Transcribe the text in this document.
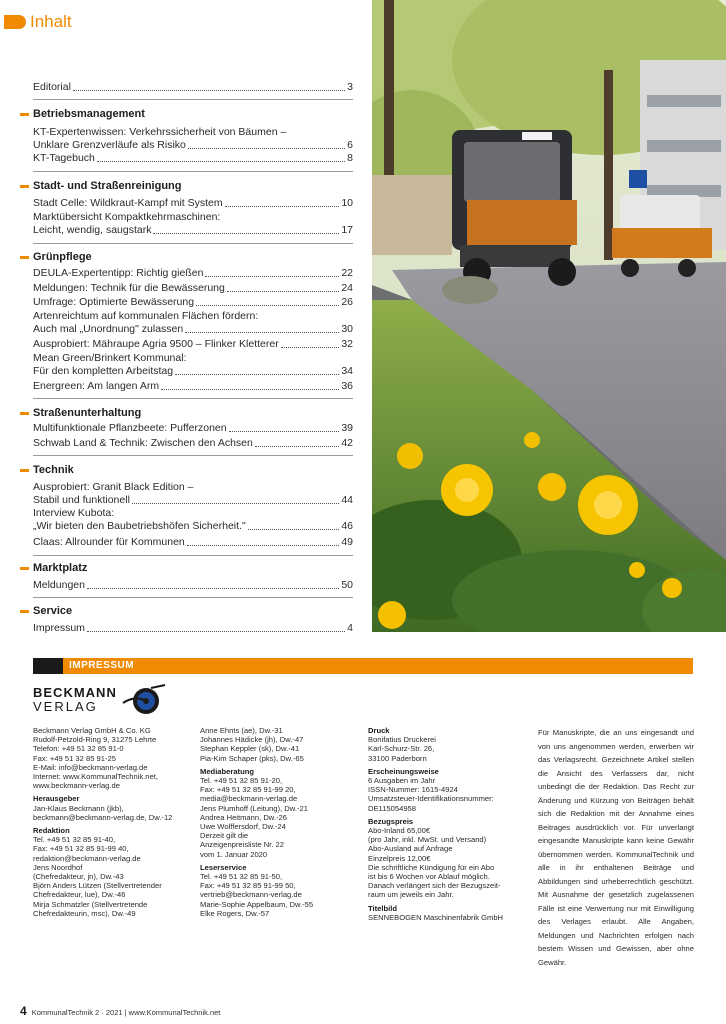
Inhalt
Editorial	3
Betriebsmanagement
KT-Expertenwissen: Verkehrssicherheit von Bäumen –
Unklare Grenzverläufe als Risiko	6
KT-Tagebuch	8
Stadt- und Straßenreinigung
Stadt Celle: Wildkraut-Kampf mit System	10
Marktübersicht Kompaktkehrmaschinen:
Leicht, wendig, saugstark	17
Grünpflege
DEULA-Expertentipp: Richtig gießen	22
Meldungen: Technik für die Bewässerung	24
Umfrage: Optimierte Bewässerung	26
Artenreichtum auf kommunalen Flächen fördern:
Auch mal „Unordnung" zulassen	30
Ausprobiert: Mähraupe Agria 9500 – Flinker Kletterer	32
Mean Green/Brinkert Kommunal:
Für den kompletten Arbeitstag	34
Energreen: Am langen Arm	36
Straßenunterhaltung
Multifunktionale Pflanzbeete: Pufferzonen	39
Schwab Land & Technik: Zwischen den Achsen	42
Technik
Ausprobiert: Granit Black Edition –
Stabil und funktionell	44
Interview Kubota:
„Wir bieten den Baubetriebshöfen Sicherheit."	46
Claas: Allrounder für Kommunen	49
Marktplatz
Meldungen	50
Service
Impressum	4
IMPRESSUM
BECKMANN
VERLAG
Beckmann Verlag GmbH & Co. KG
Rudolf-Petzold-Ring 9, 31275 Lehrte
Telefon: +49 51 32 85 91-0
Fax: +49 51 32 85 91-25
E-Mail: info@beckmann-verlag.de
Internet: www.KommunalTechnik.net,
www.beckmann-verlag.de
Herausgeber
Jan-Klaus Beckmann (jkb),
beckmann@beckmann-verlag.de, Dw.-12
Redaktion
Tel. +49 51 32 85 91-40,
Fax: +49 51 32 85 91-99 40,
redaktion@beckmann-verlag.de
Jens Noordhof
(Chefredakteur, jn), Dw.-43
Björn Anders Lützen (Stellvertretender
Chefredakteur, lue), Dw.-46
Mirja Schmatzler (Stellvertretende
Chefredakteurin, msc), Dw.-49
Anne Ehnts (ae), Dw.-31
Johannes Hädicke (jh), Dw.-47
Stephan Keppler (sk), Dw.-41
Pia-Kim Schaper (pks), Dw.-65
Mediaberatung
Tel. +49 51 32 85 91-20,
Fax: +49 51 32 85 91-99 20,
media@beckmann-verlag.de
Jens Plumhoff (Leitung), Dw.-21
Andrea Heitmann, Dw.-26
Uwe Wolffersdorf, Dw.-24
Derzeit gilt die
Anzeigenpreisliste Nr. 22
vom 1. Januar 2020
Leserservice
Tel. +49 51 32 85 91-50,
Fax: +49 51 32 85 91-99 50,
vertrieb@beckmann-verlag.de
Marie-Sophie Appelbaum, Dw.-55
Elke Rogers, Dw.-57
Druck
Bonifatius Druckerei
Karl-Schurz-Str. 26,
33100 Paderborn
Erscheinungsweise
6 Ausgaben im Jahr
ISSN-Nummer: 1615-4924
Umsatzsteuer-Identifikationsnummer:
DE115054958
Bezugspreis
Abo-Inland 65,00€
(pro Jahr, inkl. MwSt. und Versand)
Abo-Ausland auf Anfrage
Einzelpreis 12,00€
Die schriftliche Kündigung für ein Abo
ist bis 6 Wochen vor Ablauf möglich.
Danach verlängert sich der Bezugszeit-
raum um jeweils ein Jahr.
Titelbild
SENNEBOGEN Maschinenfabrik GmbH
Für Manuskripte, die an uns eingesandt und von uns angenommen werden, erwerben wir das Verlagsrecht. Gezeichnete Artikel stellen die Ansicht des Verfassers dar, nicht unbedingt die der Redaktion. Das Recht zur Änderung und Kürzung von Beiträgen behält sich die Redaktion mit der Annahme eines Beitrages ausdrücklich vor. Für unverlangt eingesandte Manuskripte kann keine Gewähr übernommen werden. KommunalTechnik und alle in ihr enthaltenen Beiträge und Abbildungen sind urheberrechtlich geschützt. Mit Ausnahme der gesetzlich zugelassenen Fälle ist eine Verwertung nur mit Einwilligung des Verlages erlaubt. Alle Angaben, Meldungen und Nachrichten erfolgen nach bestem Wissen und Gewissen, aber ohne Gewähr.
4 KommunalTechnik 2 · 2021 | www.KommunalTechnik.net
